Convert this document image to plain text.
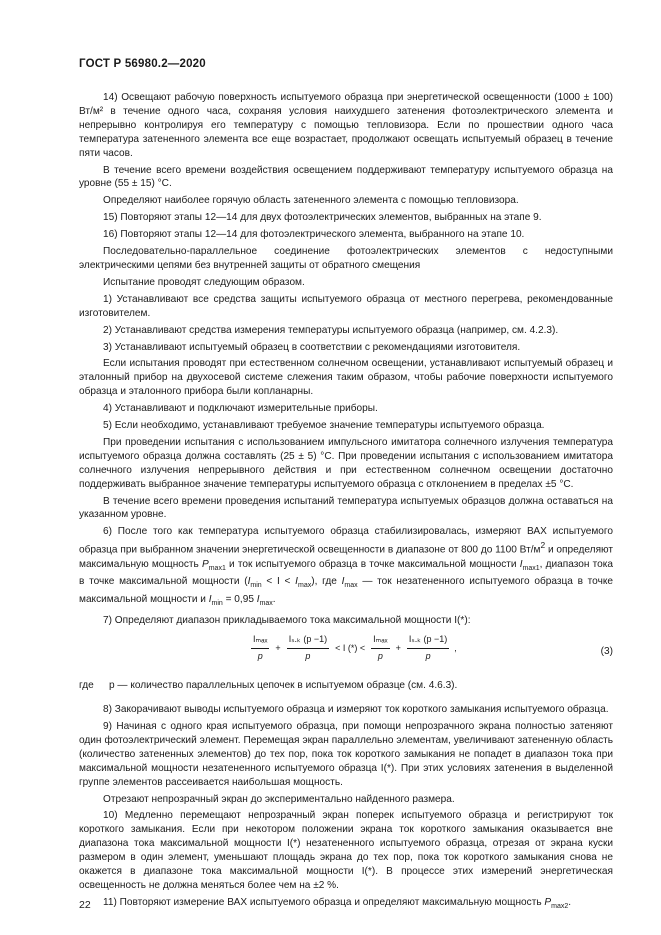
ГОСТ Р 56980.2—2020

14) Освещают рабочую поверхность испытуемого образца при энергетической освещенности (1000 ± 100) Вт/м² в течение одного часа, сохраняя условия наихудшего затенения фотоэлектрического элемента и непрерывно контролируя его температуру с помощью тепловизора. Если по прошествии одного часа температура затененного элемента все еще возрастает, продолжают освещать испытуемый образец в течение пяти часов.

В течение всего времени воздействия освещением поддерживают температуру испытуемого образца на уровне (55 ± 15) °С.

Определяют наиболее горячую область затененного элемента с помощью тепловизора.

15) Повторяют этапы 12—14 для двух фотоэлектрических элементов, выбранных на этапе 9.

16) Повторяют этапы 12—14 для фотоэлектрического элемента, выбранного на этапе 10.

Последовательно-параллельное соединение фотоэлектрических элементов с недоступными электрическими цепями без внутренней защиты от обратного смещения

Испытание проводят следующим образом.

1) Устанавливают все средства защиты испытуемого образца от местного перегрева, рекомендованные изготовителем.

2) Устанавливают средства измерения температуры испытуемого образца (например, см. 4.2.3).

3) Устанавливают испытуемый образец в соответствии с рекомендациями изготовителя.

Если испытания проводят при естественном солнечном освещении, устанавливают испытуемый образец и эталонный прибор на двухосевой системе слежения таким образом, чтобы рабочие поверхности испытуемого образца и эталонного прибора были копланарны.

4) Устанавливают и подключают измерительные приборы.

5) Если необходимо, устанавливают требуемое значение температуры испытуемого образца.

При проведении испытания с использованием импульсного имитатора солнечного излучения температура испытуемого образца должна составлять (25 ± 5) °С. При проведении испытания с использованием имитатора солнечного излучения непрерывного действия и при естественном солнечном освещении достаточно поддерживать выбранное значение температуры испытуемого образца с отклонением в пределах ±5 °С.

В течение всего времени проведения испытаний температура испытуемых образцов должна оставаться на указанном уровне.

6) После того как температура испытуемого образца стабилизировалась, измеряют ВАХ испытуемого образца при выбранном значении энергетической освещенности в диапазоне от 800 до 1100 $Вт/м^2$ и определяют максимальную мощность $P_{max1}$ и ток испытуемого образца в точке максимальной мощности $I_{max1}$, диапазон тока в точке максимальной мощности $(I_{min} < I < I_{max})$, где $I_{max}$ — ток незатененного испытуемого образца в точке максимальной мощности и $I_{min} = 0,95$ $I_{max}$.

7) Определяют диапазон прикладываемого тока максимальной мощности I(*):

$\frac{\text{Iₘₐₓ}}{p} + \frac{\text{Iₛ.ₖ (p −1)}}{p} < I$ (*) < $\frac{\text{Iₘₐₓ}}{p} + \frac{\text{Iₛ.ₖ (p −1)}}{p}$ ,	(3)

где p — количество параллельных цепочек в испытуемом образце (см. 4.6.3).

8) Закорачивают выводы испытуемого образца и измеряют ток короткого замыкания испытуемого образца.

9) Начиная с одного края испытуемого образца, при помощи непрозрачного экрана полностью затеняют один фотоэлектрический элемент. Перемещая экран параллельно элементам, увеличивают затененную область (количество затененных элементов) до тех пор, пока ток короткого замыкания не попадет в диапазон тока при максимальной мощности незатененного испытуемого образца I(*). При этих условиях затенения в выделенной группе элементов рассеивается наибольшая мощность.

Отрезают непрозрачный экран до экспериментально найденного размера.

10) Медленно перемещают непрозрачный экран поперек испытуемого образца и регистрируют ток короткого замыкания. Если при некотором положении экрана ток короткого замыкания оказывается вне диапазона тока максимальной мощности I(*) незатененного испытуемого образца, отрезая от экрана куски размером в один элемент, уменьшают площадь экрана до тех пор, пока ток короткого замыкания снова не окажется в диапазоне тока максимальной мощности I(*). В процессе этих измерений энергетическая освещенность не должна меняться более чем на ±2 %.

11) Повторяют измерение ВАХ испытуемого образца и определяют максимальную мощность $P_{max2}$.

22
